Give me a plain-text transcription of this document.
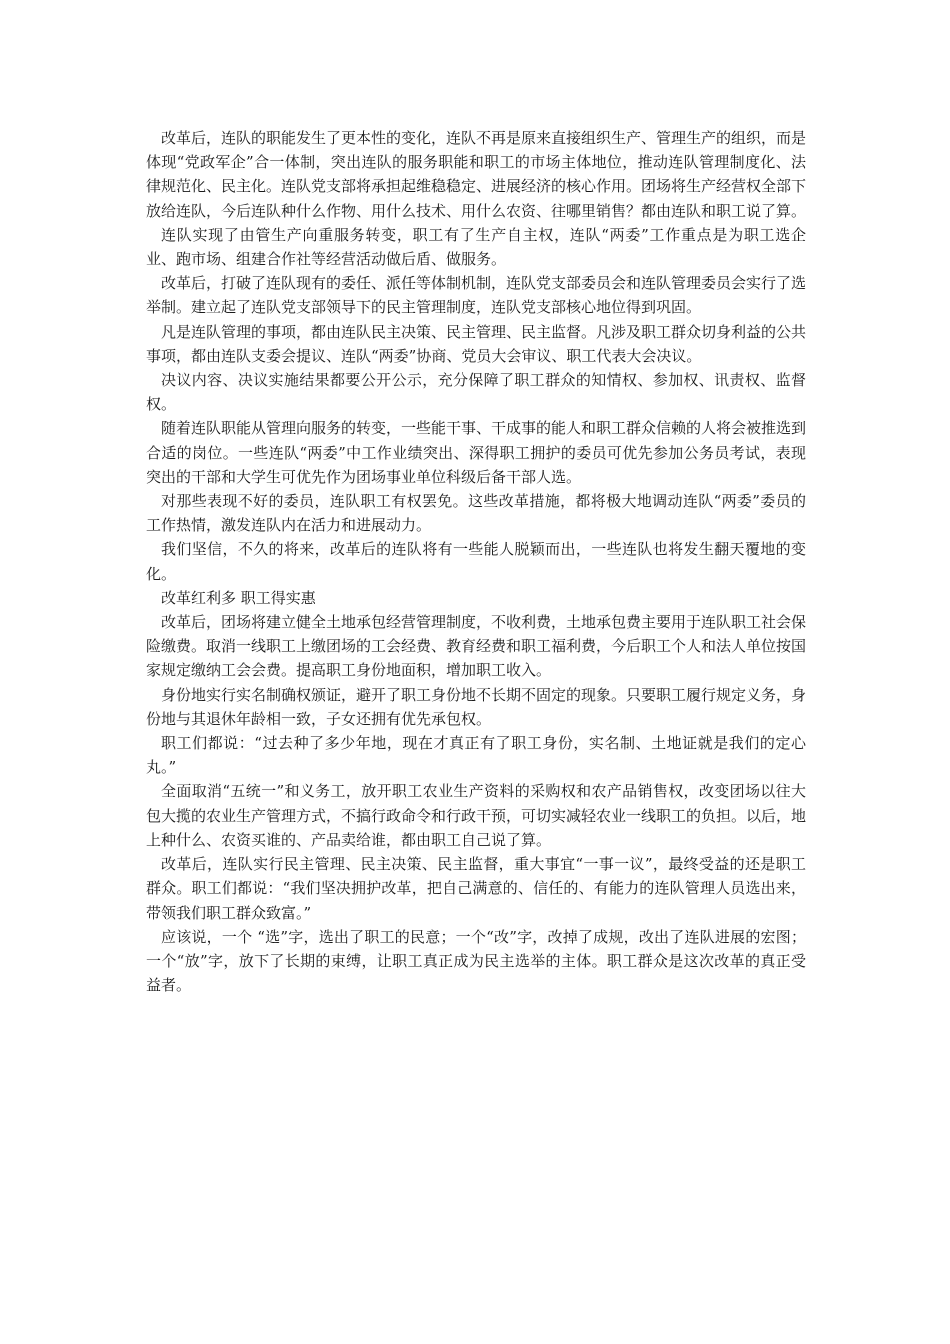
改革后，连队的职能发生了更本性的变化，连队不再是原来直接组织生产、管理生产的组织，而是体现“党政军企”合一体制，突出连队的服务职能和职工的市场主体地位，推动连队管理制度化、法律规范化、民主化。连队党支部将承担起维稳稳定、进展经济的核心作用。团场将生产经营权全部下放给连队，今后连队种什么作物、用什么技术、用什么农资、往哪里销售？都由连队和职工说了算。

连队实现了由管生产向重服务转变，职工有了生产自主权，连队“两委”工作重点是为职工选企业、跑市场、组建合作社等经营活动做后盾、做服务。

改革后，打破了连队现有的委任、派任等体制机制，连队党支部委员会和连队管理委员会实行了选举制。建立起了连队党支部领导下的民主管理制度，连队党支部核心地位得到巩固。

凡是连队管理的事项，都由连队民主决策、民主管理、民主监督。凡涉及职工群众切身利益的公共事项，都由连队支委会提议、连队“两委”协商、党员大会审议、职工代表大会决议。

决议内容、决议实施结果都要公开公示，充分保障了职工群众的知情权、参加权、讯责权、监督权。

随着连队职能从管理向服务的转变，一些能干事、干成事的能人和职工群众信赖的人将会被推选到合适的岗位。一些连队“两委”中工作业绩突出、深得职工拥护的委员可优先参加公务员考试，表现突出的干部和大学生可优先作为团场事业单位科级后备干部人选。

对那些表现不好的委员，连队职工有权罢免。这些改革措施，都将极大地调动连队“两委”委员的工作热情，激发连队内在活力和进展动力。

我们坚信，不久的将来，改革后的连队将有一些能人脱颖而出，一些连队也将发生翻天覆地的变化。

改革红利多 职工得实惠

改革后，团场将建立健全土地承包经营管理制度，不收利费，土地承包费主要用于连队职工社会保险缴费。取消一线职工上缴团场的工会经费、教育经费和职工福利费，今后职工个人和法人单位按国家规定缴纳工会会费。提高职工身份地面积，增加职工收入。

身份地实行实名制确权颁证，避开了职工身份地不长期不固定的现象。只要职工履行规定义务，身份地与其退休年龄相一致，子女还拥有优先承包权。

职工们都说：“过去种了多少年地，现在才真正有了职工身份，实名制、土地证就是我们的定心丸。”

全面取消“五统一”和义务工，放开职工农业生产资料的采购权和农产品销售权，改变团场以往大包大揽的农业生产管理方式，不搞行政命令和行政干预，可切实减轻农业一线职工的负担。以后，地上种什么、农资买谁的、产品卖给谁，都由职工自己说了算。

改革后，连队实行民主管理、民主决策、民主监督，重大事宜“一事一议”，最终受益的还是职工群众。职工们都说：“我们坚决拥护改革，把自己满意的、信任的、有能力的连队管理人员选出来，带领我们职工群众致富。”

应该说，一个 “选”字，选出了职工的民意；一个“改”字，改掉了成规，改出了连队进展的宏图；一个“放”字，放下了长期的束缚，让职工真正成为民主选举的主体。职工群众是这次改革的真正受益者。
